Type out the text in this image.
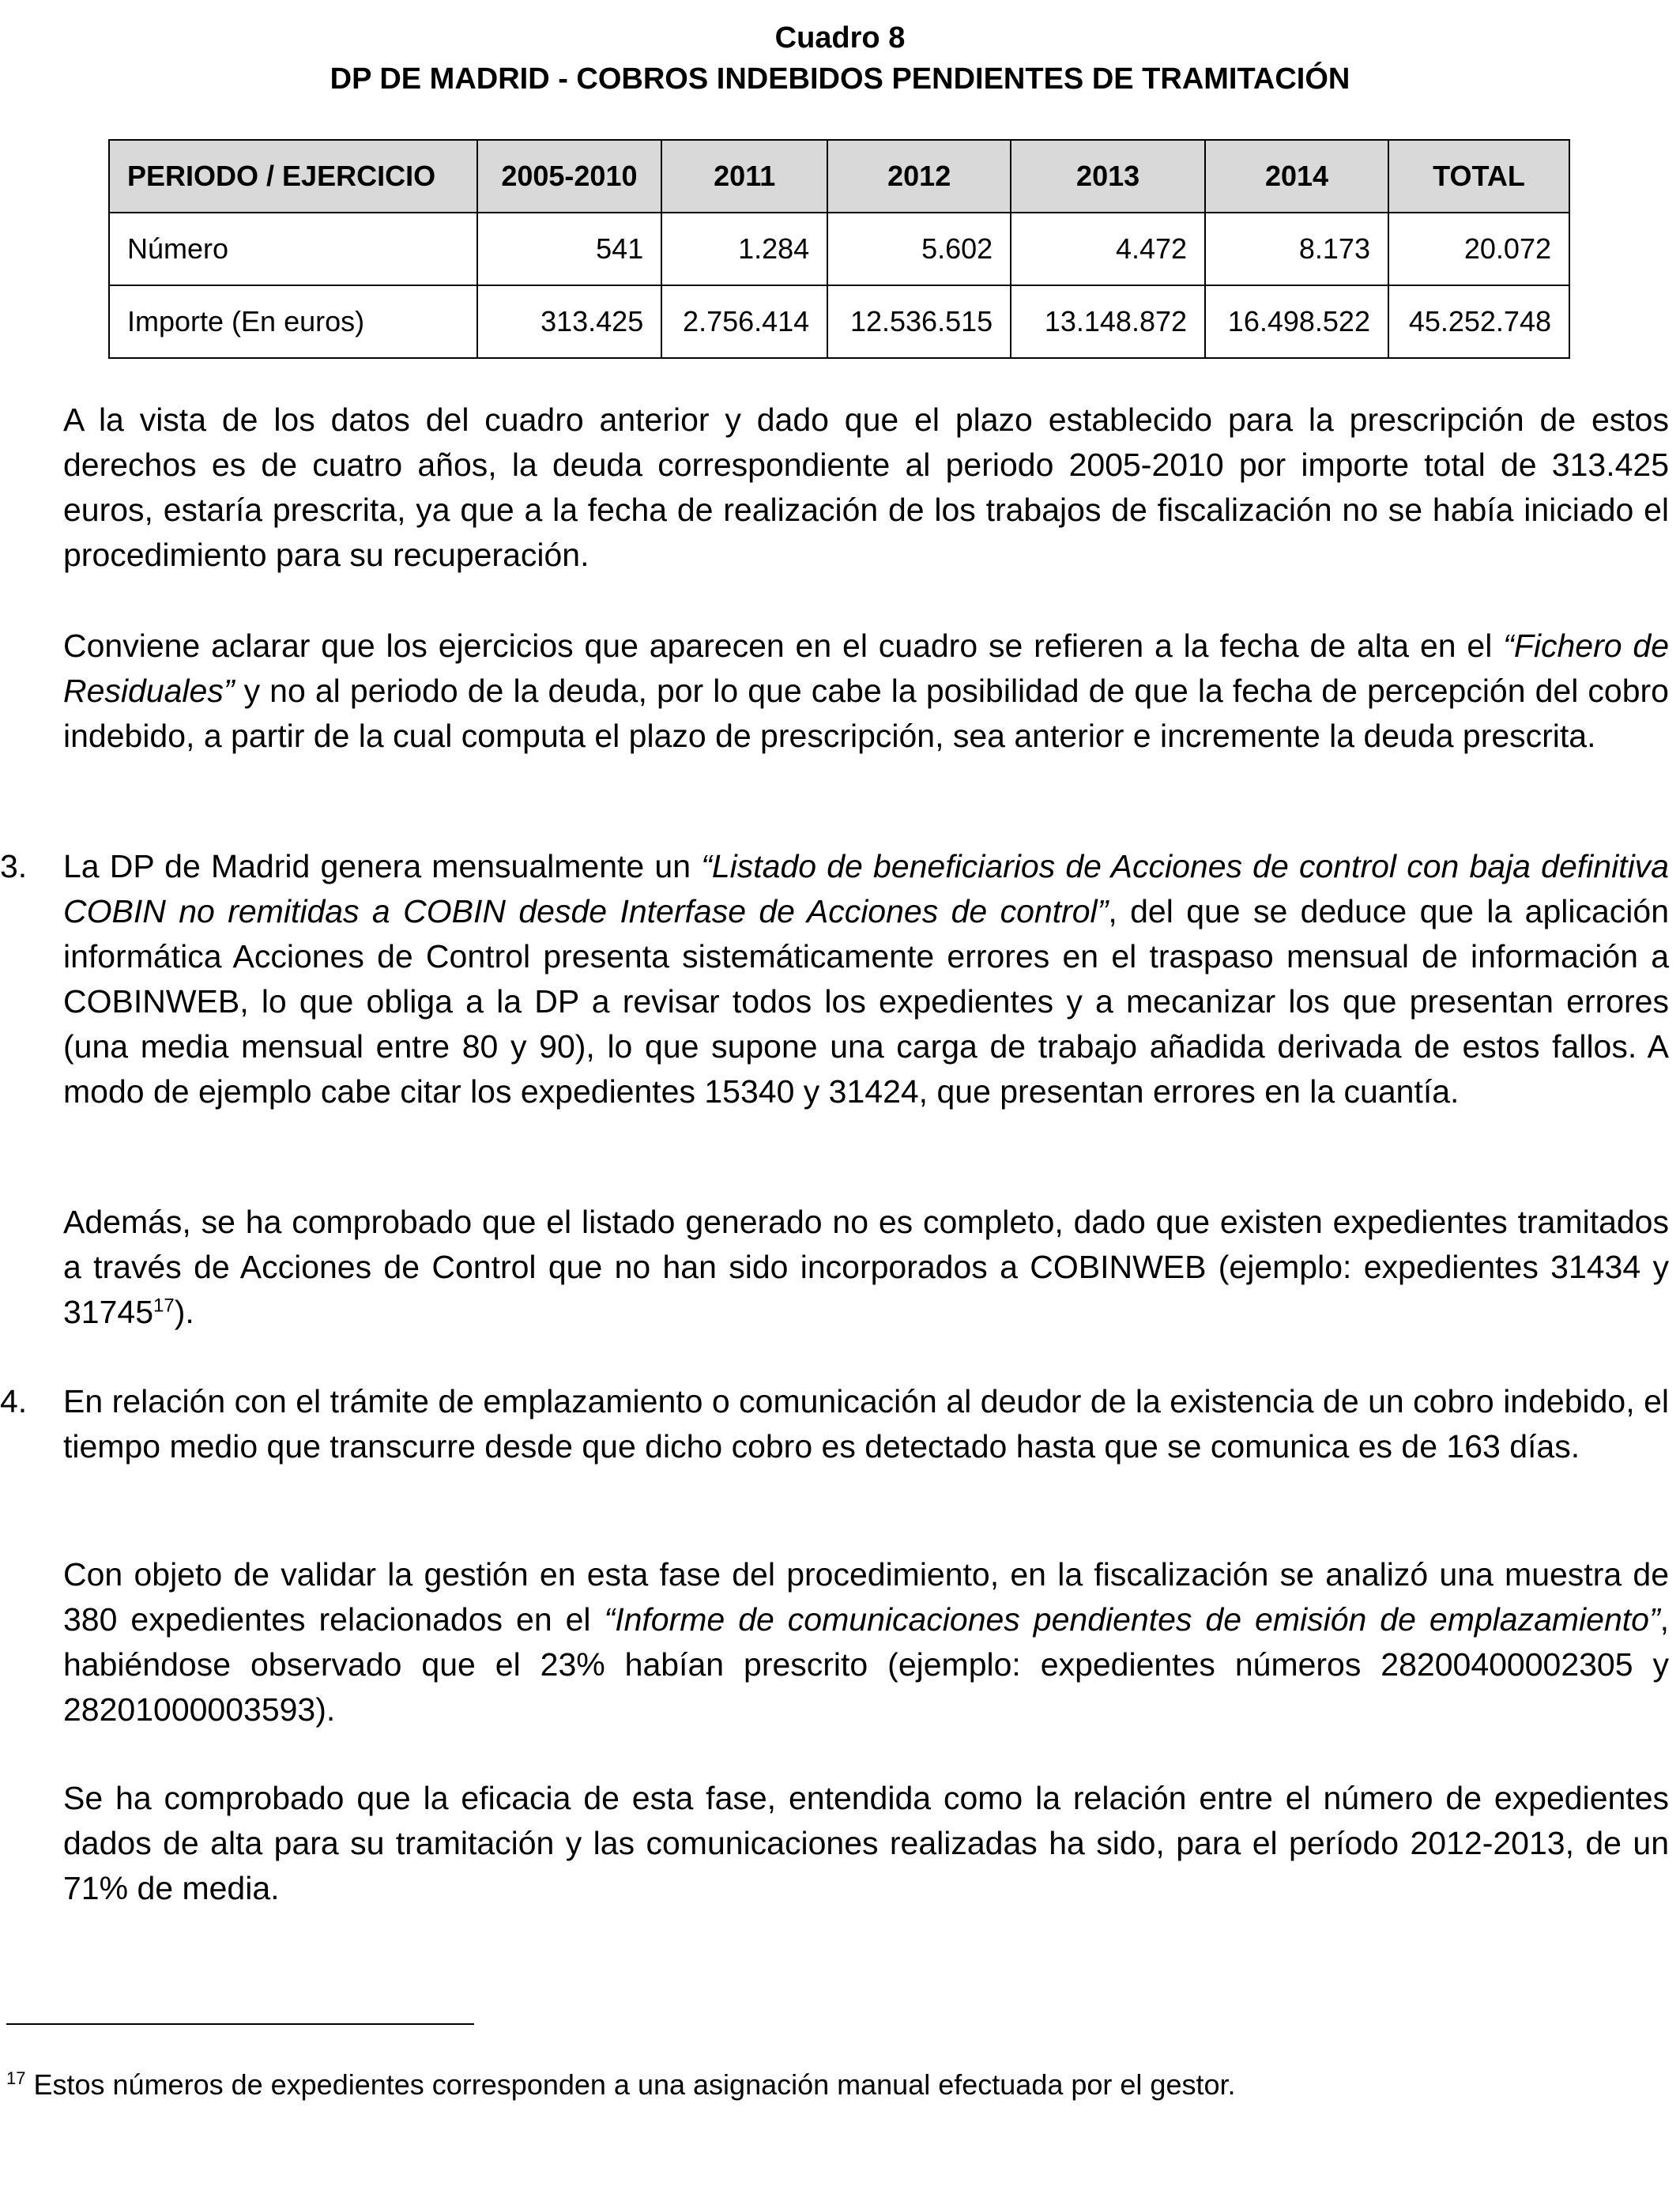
Cuadro 8
DP DE MADRID - COBROS INDEBIDOS PENDIENTES DE TRAMITACIÓN
PERIODO / EJERCICIO	2005-2010	2011	2012	2013	2014	TOTAL
Número	541	1.284	5.602	4.472	8.173	20.072
Importe (En euros)	313.425	2.756.414	12.536.515	13.148.872	16.498.522	45.252.748

A la vista de los datos del cuadro anterior y dado que el plazo establecido para la prescripción de estos derechos es de cuatro años, la deuda correspondiente al periodo 2005-2010 por importe total de 313.425 euros, estaría prescrita, ya que a la fecha de realización de los trabajos de fiscalización no se había iniciado el procedimiento para su recuperación.

Conviene aclarar que los ejercicios que aparecen en el cuadro se refieren a la fecha de alta en el “Fichero de Residuales” y no al periodo de la deuda, por lo que cabe la posibilidad de que la fecha de percepción del cobro indebido, a partir de la cual computa el plazo de prescripción, sea anterior e incremente la deuda prescrita.

3. La DP de Madrid genera mensualmente un “Listado de beneficiarios de Acciones de control con baja definitiva COBIN no remitidas a COBIN desde Interfase de Acciones de control”, del que se deduce que la aplicación informática Acciones de Control presenta sistemáticamente errores en el traspaso mensual de información a COBINWEB, lo que obliga a la DP a revisar todos los expedientes y a mecanizar los que presentan errores (una media mensual entre 80 y 90), lo que supone una carga de trabajo añadida derivada de estos fallos. A modo de ejemplo cabe citar los expedientes 15340 y 31424, que presentan errores en la cuantía.

Además, se ha comprobado que el listado generado no es completo, dado que existen expedientes tramitados a través de Acciones de Control que no han sido incorporados a COBINWEB (ejemplo: expedientes 31434 y 31745$^{17}$).

4. En relación con el trámite de emplazamiento o comunicación al deudor de la existencia de un cobro indebido, el tiempo medio que transcurre desde que dicho cobro es detectado hasta que se comunica es de 163 días.

Con objeto de validar la gestión en esta fase del procedimiento, en la fiscalización se analizó una muestra de 380 expedientes relacionados en el “Informe de comunicaciones pendientes de emisión de emplazamiento”, habiéndose observado que el 23% habían prescrito (ejemplo: expedientes números 28200400002305 y 28201000003593).

Se ha comprobado que la eficacia de esta fase, entendida como la relación entre el número de expedientes dados de alta para su tramitación y las comunicaciones realizadas ha sido, para el período 2012-2013, de un 71% de media.

$^{17}$ Estos números de expedientes corresponden a una asignación manual efectuada por el gestor.
